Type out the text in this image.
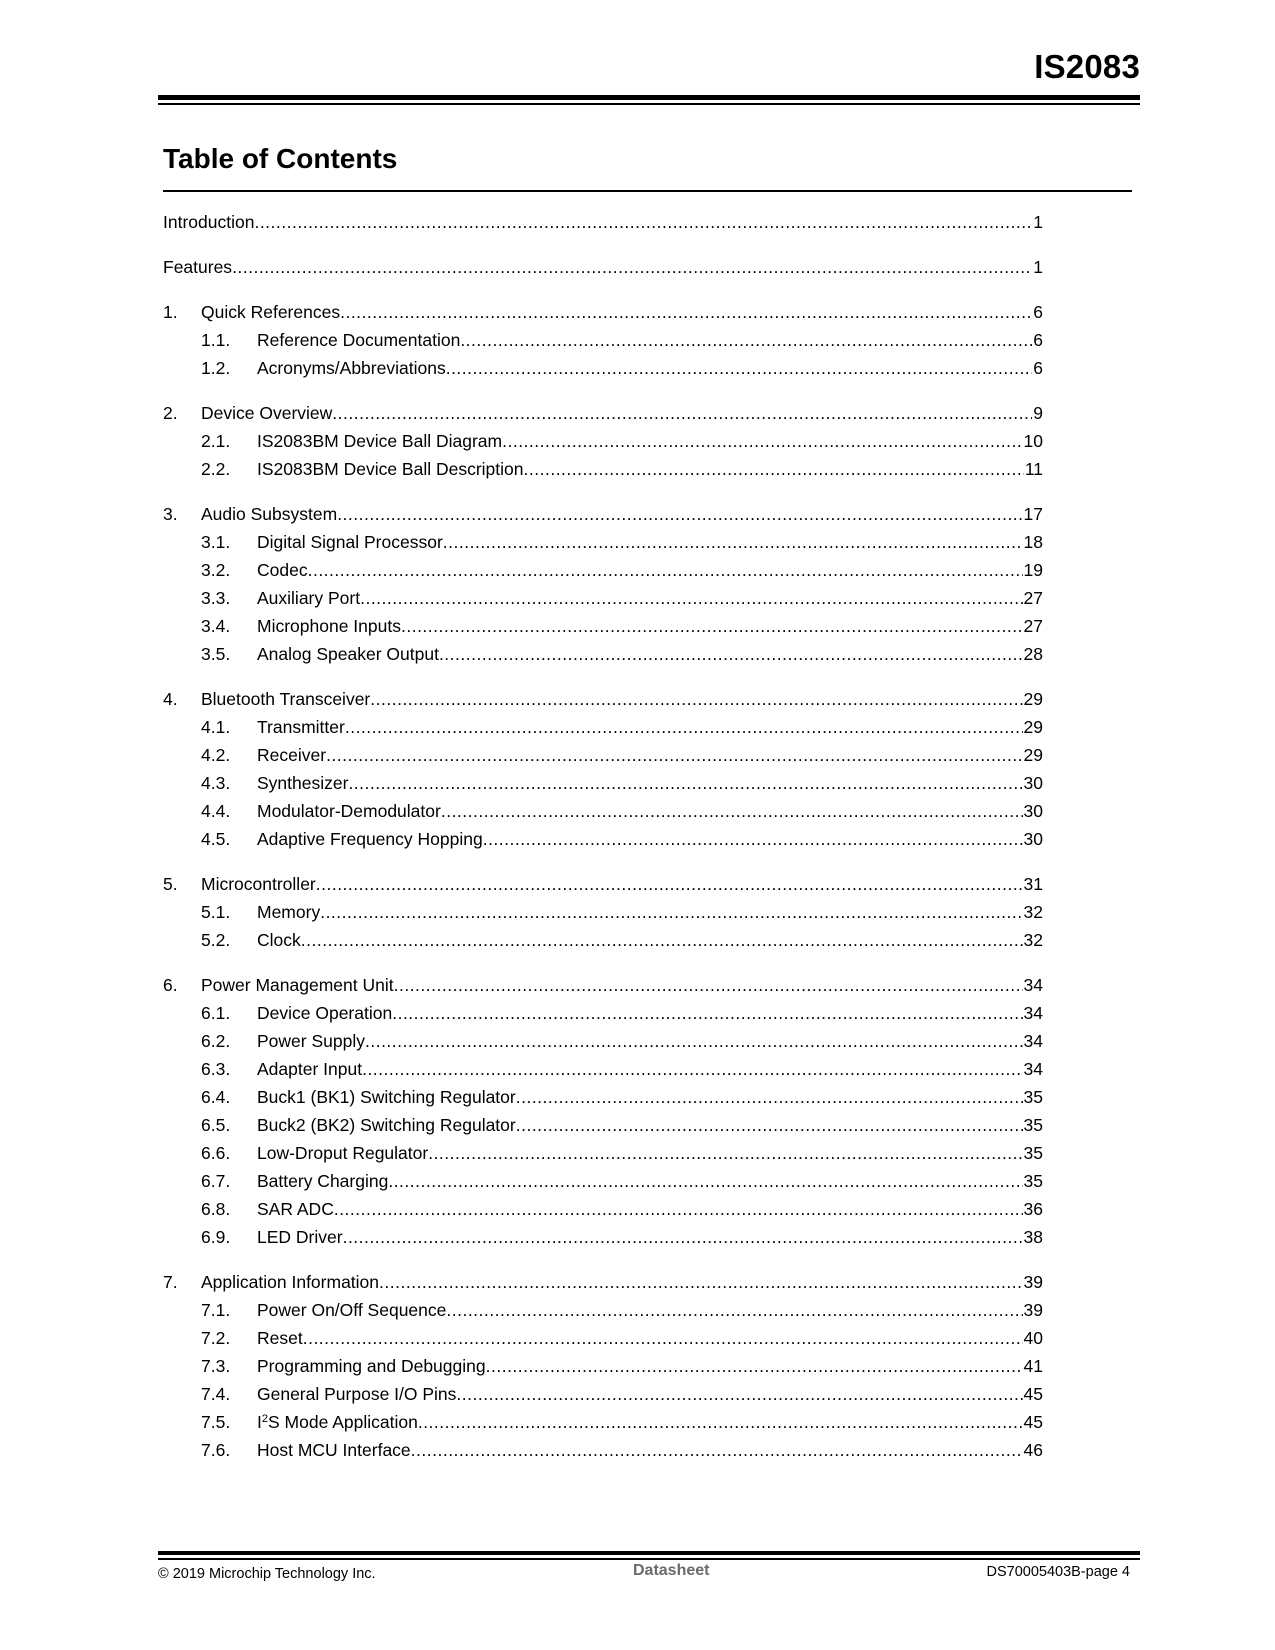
IS2083
Table of Contents
Introduction .....	1
Features .....	1
1.	Quick References .....	6
1.1.	Reference Documentation .....	6
1.2.	Acronyms/Abbreviations .....	6
2.	Device Overview .....	9
2.1.	IS2083BM Device Ball Diagram .....	10
2.2.	IS2083BM Device Ball Description .....	11
3.	Audio Subsystem .....	17
3.1.	Digital Signal Processor .....	18
3.2.	Codec .....	19
3.3.	Auxiliary Port .....	27
3.4.	Microphone Inputs .....	27
3.5.	Analog Speaker Output .....	28
4.	Bluetooth Transceiver .....	29
4.1.	Transmitter .....	29
4.2.	Receiver .....	29
4.3.	Synthesizer .....	30
4.4.	Modulator-Demodulator .....	30
4.5.	Adaptive Frequency Hopping .....	30
5.	Microcontroller .....	31
5.1.	Memory .....	32
5.2.	Clock .....	32
6.	Power Management Unit .....	34
6.1.	Device Operation .....	34
6.2.	Power Supply .....	34
6.3.	Adapter Input .....	34
6.4.	Buck1 (BK1) Switching Regulator .....	35
6.5.	Buck2 (BK2) Switching Regulator .....	35
6.6.	Low-Droput Regulator .....	35
6.7.	Battery Charging .....	35
6.8.	SAR ADC .....	36
6.9.	LED Driver .....	38
7.	Application Information .....	39
7.1.	Power On/Off Sequence .....	39
7.2.	Reset .....	40
7.3.	Programming and Debugging .....	41
7.4.	General Purpose I/O Pins .....	45
7.5.	$I^2S$ Mode Application .....	45
7.6.	Host MCU Interface .....	46
© 2019 Microchip Technology Inc.	Datasheet	DS70005403B-page 4
